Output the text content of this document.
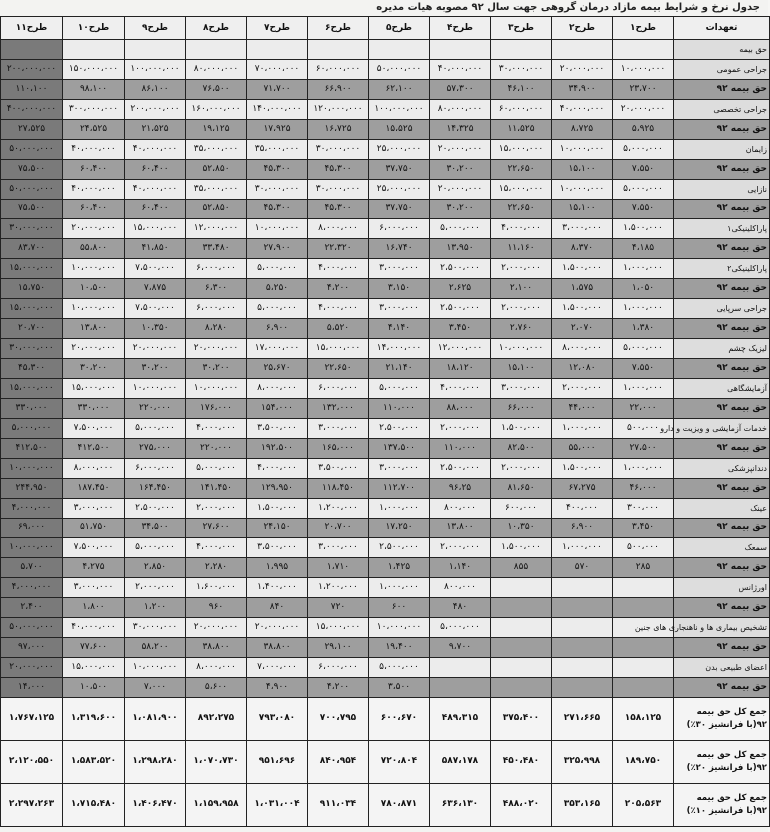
جدول نرخ و شرایط بیمه مازاد درمان گروهی جهت سال ۹۲ مصوبه هیات مدیره
تعهدات	طرح۱	طرح۲	طرح۳	طرح۴	طرح۵	طرح۶	طرح۷	طرح۸	طرح۹	طرح۱۰	طرح۱۱
حق بیمه											
جراحی عمومی	۱۰،۰۰۰،۰۰۰	۲۰،۰۰۰،۰۰۰	۳۰،۰۰۰،۰۰۰	۴۰،۰۰۰،۰۰۰	۵۰،۰۰۰،۰۰۰	۶۰،۰۰۰،۰۰۰	۷۰،۰۰۰،۰۰۰	۸۰،۰۰۰،۰۰۰	۱۰۰،۰۰۰،۰۰۰	۱۵۰،۰۰۰،۰۰۰	۲۰۰،۰۰۰،۰۰۰
حق بیمه ۹۲	۲۳،۷۰۰	۳۴،۹۰۰	۴۶،۱۰۰	۵۷،۳۰۰	۶۲،۱۰۰	۶۶،۹۰۰	۷۱،۷۰۰	۷۶،۵۰۰	۸۶،۱۰۰	۹۸،۱۰۰	۱۱۰،۱۰۰
جراحی تخصصی	۲۰،۰۰۰،۰۰۰	۴۰،۰۰۰،۰۰۰	۶۰،۰۰۰،۰۰۰	۸۰،۰۰۰،۰۰۰	۱۰۰،۰۰۰،۰۰۰	۱۲۰،۰۰۰،۰۰۰	۱۴۰،۰۰۰،۰۰۰	۱۶۰،۰۰۰،۰۰۰	۲۰۰،۰۰۰،۰۰۰	۳۰۰،۰۰۰،۰۰۰	۴۰۰،۰۰۰،۰۰۰
حق بیمه ۹۲	۵،۹۲۵	۸،۷۲۵	۱۱،۵۲۵	۱۴،۳۲۵	۱۵،۵۲۵	۱۶،۷۲۵	۱۷،۹۲۵	۱۹،۱۲۵	۲۱،۵۲۵	۲۴،۵۲۵	۲۷،۵۲۵
زایمان	۵،۰۰۰،۰۰۰	۱۰،۰۰۰،۰۰۰	۱۵،۰۰۰،۰۰۰	۲۰،۰۰۰،۰۰۰	۲۵،۰۰۰،۰۰۰	۳۰،۰۰۰،۰۰۰	۳۵،۰۰۰،۰۰۰	۳۵،۰۰۰،۰۰۰	۴۰،۰۰۰،۰۰۰	۴۰،۰۰۰،۰۰۰	۵۰،۰۰۰،۰۰۰
حق بیمه ۹۲	۷،۵۵۰	۱۵،۱۰۰	۲۲،۶۵۰	۳۰،۲۰۰	۳۷،۷۵۰	۴۵،۳۰۰	۴۵،۳۰۰	۵۲،۸۵۰	۶۰،۴۰۰	۶۰،۴۰۰	۷۵،۵۰۰
نازایی	۵،۰۰۰،۰۰۰	۱۰،۰۰۰،۰۰۰	۱۵،۰۰۰،۰۰۰	۲۰،۰۰۰،۰۰۰	۲۵،۰۰۰،۰۰۰	۳۰،۰۰۰،۰۰۰	۳۰،۰۰۰،۰۰۰	۳۵،۰۰۰،۰۰۰	۴۰،۰۰۰،۰۰۰	۴۰،۰۰۰،۰۰۰	۵۰،۰۰۰،۰۰۰
حق بیمه ۹۲	۷،۵۵۰	۱۵،۱۰۰	۲۲،۶۵۰	۳۰،۲۰۰	۳۷،۷۵۰	۴۵،۳۰۰	۴۵،۳۰۰	۵۲،۸۵۰	۶۰،۴۰۰	۶۰،۴۰۰	۷۵،۵۰۰
پاراکلینیکی۱	۱،۵۰۰،۰۰۰	۳،۰۰۰،۰۰۰	۴،۰۰۰،۰۰۰	۵،۰۰۰،۰۰۰	۶،۰۰۰،۰۰۰	۸،۰۰۰،۰۰۰	۱۰،۰۰۰،۰۰۰	۱۲،۰۰۰،۰۰۰	۱۵،۰۰۰،۰۰۰	۲۰،۰۰۰،۰۰۰	۳۰،۰۰۰،۰۰۰
حق بیمه ۹۲	۴،۱۸۵	۸،۳۷۰	۱۱،۱۶۰	۱۳،۹۵۰	۱۶،۷۴۰	۲۲،۳۲۰	۲۷،۹۰۰	۳۳،۴۸۰	۴۱،۸۵۰	۵۵،۸۰۰	۸۳،۷۰۰
پاراکلینیکی۲	۱،۰۰۰،۰۰۰	۱،۵۰۰،۰۰۰	۲،۰۰۰،۰۰۰	۲،۵۰۰،۰۰۰	۳،۰۰۰،۰۰۰	۴،۰۰۰،۰۰۰	۵،۰۰۰،۰۰۰	۶،۰۰۰،۰۰۰	۷،۵۰۰،۰۰۰	۱۰،۰۰۰،۰۰۰	۱۵،۰۰۰،۰۰۰
حق بیمه ۹۲	۱،۰۵۰	۱،۵۷۵	۲،۱۰۰	۲،۶۲۵	۳،۱۵۰	۴،۲۰۰	۵،۲۵۰	۶،۳۰۰	۷،۸۷۵	۱۰،۵۰۰	۱۵،۷۵۰
جراحی سرپایی	۱،۰۰۰،۰۰۰	۱،۵۰۰،۰۰۰	۲،۰۰۰،۰۰۰	۲،۵۰۰،۰۰۰	۳،۰۰۰،۰۰۰	۴،۰۰۰،۰۰۰	۵،۰۰۰،۰۰۰	۶،۰۰۰،۰۰۰	۷،۵۰۰،۰۰۰	۱۰،۰۰۰،۰۰۰	۱۵،۰۰۰،۰۰۰
حق بیمه ۹۲	۱،۳۸۰	۲،۰۷۰	۲،۷۶۰	۳،۴۵۰	۴،۱۴۰	۵،۵۲۰	۶،۹۰۰	۸،۲۸۰	۱۰،۳۵۰	۱۳،۸۰۰	۲۰،۷۰۰
لیزیک چشم	۵،۰۰۰،۰۰۰	۸،۰۰۰،۰۰۰	۱۰،۰۰۰،۰۰۰	۱۲،۰۰۰،۰۰۰	۱۴،۰۰۰،۰۰۰	۱۵،۰۰۰،۰۰۰	۱۷،۰۰۰،۰۰۰	۲۰،۰۰۰،۰۰۰	۲۰،۰۰۰،۰۰۰	۲۰،۰۰۰،۰۰۰	۳۰،۰۰۰،۰۰۰
حق بیمه ۹۲	۷،۵۵۰	۱۲،۰۸۰	۱۵،۱۰۰	۱۸،۱۲۰	۲۱،۱۴۰	۲۲،۶۵۰	۲۵،۶۷۰	۳۰،۲۰۰	۳۰،۲۰۰	۳۰،۲۰۰	۴۵،۳۰۰
آزمایشگاهی	۱،۰۰۰،۰۰۰	۲،۰۰۰،۰۰۰	۳،۰۰۰،۰۰۰	۴،۰۰۰،۰۰۰	۵،۰۰۰،۰۰۰	۶،۰۰۰،۰۰۰	۸،۰۰۰،۰۰۰	۱۰،۰۰۰،۰۰۰	۱۰،۰۰۰،۰۰۰	۱۵،۰۰۰،۰۰۰	۱۵،۰۰۰،۰۰۰
حق بیمه ۹۲	۲۲،۰۰۰	۴۴،۰۰۰	۶۶،۰۰۰	۸۸،۰۰۰	۱۱۰،۰۰۰	۱۳۲،۰۰۰	۱۵۴،۰۰۰	۱۷۶،۰۰۰	۲۲۰،۰۰۰	۳۳۰،۰۰۰	۳۳۰،۰۰۰
خدمات آزمایشی و ویزیت و دارو	۵۰۰،۰۰۰	۱،۰۰۰،۰۰۰	۱،۵۰۰،۰۰۰	۲،۰۰۰،۰۰۰	۲،۵۰۰،۰۰۰	۳،۰۰۰،۰۰۰	۳،۵۰۰،۰۰۰	۴،۰۰۰،۰۰۰	۵،۰۰۰،۰۰۰	۷،۵۰۰،۰۰۰	۵،۰۰۰،۰۰۰
حق بیمه ۹۲	۲۷،۵۰۰	۵۵،۰۰۰	۸۲،۵۰۰	۱۱۰،۰۰۰	۱۳۷،۵۰۰	۱۶۵،۰۰۰	۱۹۲،۵۰۰	۲۲۰،۰۰۰	۲۷۵،۰۰۰	۴۱۲،۵۰۰	۴۱۲،۵۰۰
دندانپزشکی	۱،۰۰۰،۰۰۰	۱،۵۰۰،۰۰۰	۲،۰۰۰،۰۰۰	۲،۵۰۰،۰۰۰	۳،۰۰۰،۰۰۰	۳،۵۰۰،۰۰۰	۴،۰۰۰،۰۰۰	۵،۰۰۰،۰۰۰	۶،۰۰۰،۰۰۰	۸،۰۰۰،۰۰۰	۱۰،۰۰۰،۰۰۰
حق بیمه ۹۲	۴۶،۰۰۰	۶۷،۲۷۵	۸۱،۶۵۰	۹۶،۲۵	۱۱۲،۷۰۰	۱۱۸،۴۵۰	۱۲۹،۹۵۰	۱۴۱،۴۵۰	۱۶۴،۴۵۰	۱۸۷،۴۵۰	۲۴۴،۹۵۰
عینک	۳۰۰،۰۰۰	۴۰۰،۰۰۰	۶۰۰،۰۰۰	۸۰۰،۰۰۰	۱،۰۰۰،۰۰۰	۱،۲۰۰،۰۰۰	۱،۵۰۰،۰۰۰	۲،۰۰۰،۰۰۰	۲،۵۰۰،۰۰۰	۳،۰۰۰،۰۰۰	۴،۰۰۰،۰۰۰
حق بیمه ۹۲	۳،۴۵۰	۶،۹۰۰	۱۰،۳۵۰	۱۳،۸۰۰	۱۷،۲۵۰	۲۰،۷۰۰	۲۴،۱۵۰	۲۷،۶۰۰	۳۴،۵۰۰	۵۱،۷۵۰	۶۹،۰۰۰
سمعک	۵۰۰،۰۰۰	۱،۰۰۰،۰۰۰	۱،۵۰۰،۰۰۰	۲،۰۰۰،۰۰۰	۲،۵۰۰،۰۰۰	۳،۰۰۰،۰۰۰	۳،۵۰۰،۰۰۰	۴،۰۰۰،۰۰۰	۵،۰۰۰،۰۰۰	۷،۵۰۰،۰۰۰	۱۰،۰۰۰،۰۰۰
حق بیمه ۹۲	۲۸۵	۵۷۰	۸۵۵	۱،۱۴۰	۱،۴۲۵	۱،۷۱۰	۱،۹۹۵	۲،۲۸۰	۲،۸۵۰	۴،۲۷۵	۵،۷۰۰
اورژانس				۸۰۰،۰۰۰	۱،۰۰۰،۰۰۰	۱،۲۰۰،۰۰۰	۱،۴۰۰،۰۰۰	۱،۶۰۰،۰۰۰	۲،۰۰۰،۰۰۰	۳،۰۰۰،۰۰۰	۴،۰۰۰،۰۰۰
حق بیمه ۹۲				۴۸۰	۶۰۰	۷۲۰	۸۴۰	۹۶۰	۱،۲۰۰	۱،۸۰۰	۲،۴۰۰
تشخیص بیماری ها و ناهنجاری های جنین				۵،۰۰۰،۰۰۰	۱۰،۰۰۰،۰۰۰	۱۵،۰۰۰،۰۰۰	۲۰،۰۰۰،۰۰۰	۲۰،۰۰۰،۰۰۰	۳۰،۰۰۰،۰۰۰	۴۰،۰۰۰،۰۰۰	۵۰،۰۰۰،۰۰۰
حق بیمه ۹۲				۹،۷۰۰	۱۹،۴۰۰	۲۹،۱۰۰	۳۸،۸۰۰	۳۸،۸۰۰	۵۸،۲۰۰	۷۷،۶۰۰	۹۷،۰۰۰
اعضای طبیعی بدن					۵،۰۰۰،۰۰۰	۶،۰۰۰،۰۰۰	۷،۰۰۰،۰۰۰	۸،۰۰۰،۰۰۰	۱۰،۰۰۰،۰۰۰	۱۵،۰۰۰،۰۰۰	۲۰،۰۰۰،۰۰۰
حق بیمه ۹۲					۳،۵۰۰	۴،۲۰۰	۴،۹۰۰	۵،۶۰۰	۷،۰۰۰	۱۰،۵۰۰	۱۴،۰۰۰
جمع کل حق بیمه ۹۲(با فرانشیز ۳۰٪)	۱۵۸،۱۲۵	۲۷۱،۶۶۵	۳۷۵،۴۰۰	۴۸۹،۳۱۵	۶۰۰،۶۷۰	۷۰۰،۷۹۵	۷۹۳،۰۸۰	۸۹۲،۲۷۵	۱،۰۸۱،۹۰۰	۱،۳۱۹،۶۰۰	۱،۷۶۷،۱۲۵
جمع کل حق بیمه ۹۲(با فرانشیز ۲۰٪)	۱۸۹،۷۵۰	۳۲۵،۹۹۸	۴۵۰،۴۸۰	۵۸۷،۱۷۸	۷۲۰،۸۰۴	۸۴۰،۹۵۴	۹۵۱،۶۹۶	۱،۰۷۰،۷۳۰	۱،۲۹۸،۲۸۰	۱،۵۸۳،۵۲۰	۲،۱۲۰،۵۵۰
جمع کل حق بیمه ۹۲(با فرانشیز ۱۰٪)	۲۰۵،۵۶۳	۳۵۳،۱۶۵	۴۸۸،۰۲۰	۶۳۶،۱۳۰	۷۸۰،۸۷۱	۹۱۱،۰۳۴	۱،۰۳۱،۰۰۴	۱،۱۵۹،۹۵۸	۱،۴۰۶،۴۷۰	۱،۷۱۵،۴۸۰	۲،۲۹۷،۲۶۳
